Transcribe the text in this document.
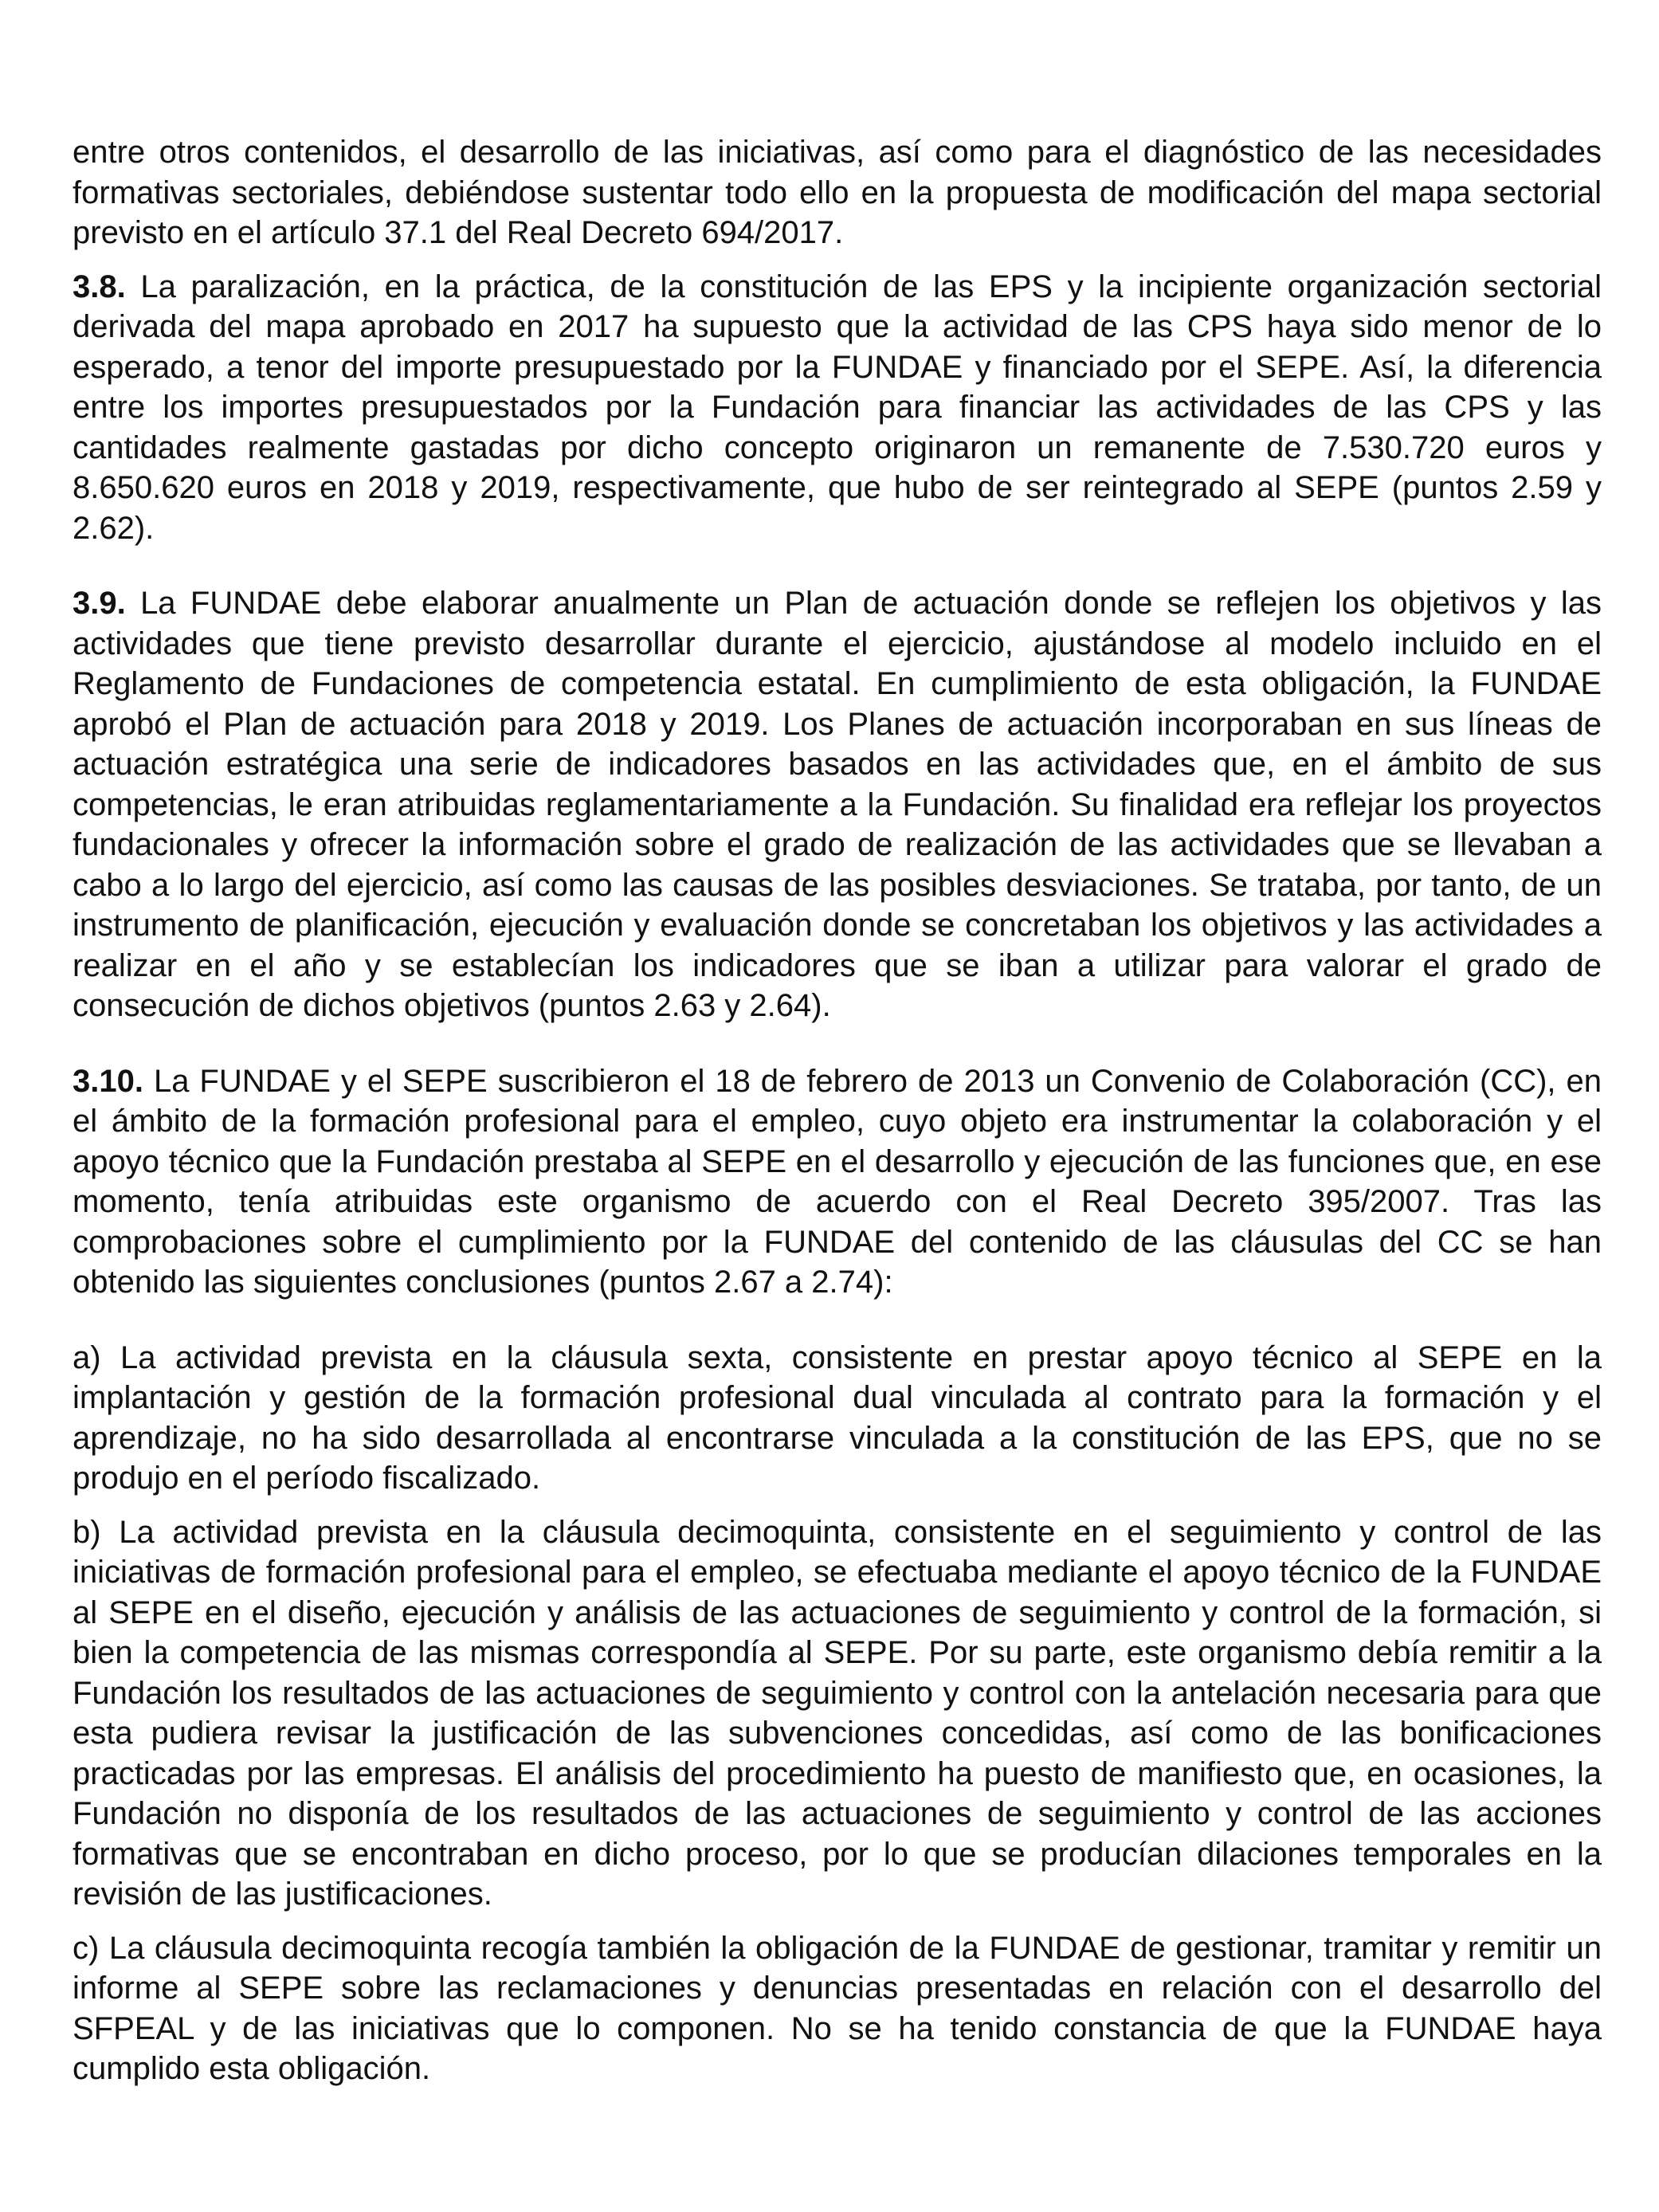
entre otros contenidos, el desarrollo de las iniciativas, así como para el diagnóstico de las necesidades formativas sectoriales, debiéndose sustentar todo ello en la propuesta de modificación del mapa sectorial previsto en el artículo 37.1 del Real Decreto 694/2017.

3.8. La paralización, en la práctica, de la constitución de las EPS y la incipiente organización sectorial derivada del mapa aprobado en 2017 ha supuesto que la actividad de las CPS haya sido menor de lo esperado, a tenor del importe presupuestado por la FUNDAE y financiado por el SEPE. Así, la diferencia entre los importes presupuestados por la Fundación para financiar las actividades de las CPS y las cantidades realmente gastadas por dicho concepto originaron un remanente de 7.530.720 euros y 8.650.620 euros en 2018 y 2019, respectivamente, que hubo de ser reintegrado al SEPE (puntos 2.59 y 2.62).

3.9. La FUNDAE debe elaborar anualmente un Plan de actuación donde se reflejen los objetivos y las actividades que tiene previsto desarrollar durante el ejercicio, ajustándose al modelo incluido en el Reglamento de Fundaciones de competencia estatal. En cumplimiento de esta obligación, la FUNDAE aprobó el Plan de actuación para 2018 y 2019. Los Planes de actuación incorporaban en sus líneas de actuación estratégica una serie de indicadores basados en las actividades que, en el ámbito de sus competencias, le eran atribuidas reglamentariamente a la Fundación. Su finalidad era reflejar los proyectos fundacionales y ofrecer la información sobre el grado de realización de las actividades que se llevaban a cabo a lo largo del ejercicio, así como las causas de las posibles desviaciones. Se trataba, por tanto, de un instrumento de planificación, ejecución y evaluación donde se concretaban los objetivos y las actividades a realizar en el año y se establecían los indicadores que se iban a utilizar para valorar el grado de consecución de dichos objetivos (puntos 2.63 y 2.64).

3.10. La FUNDAE y el SEPE suscribieron el 18 de febrero de 2013 un Convenio de Colaboración (CC), en el ámbito de la formación profesional para el empleo, cuyo objeto era instrumentar la colaboración y el apoyo técnico que la Fundación prestaba al SEPE en el desarrollo y ejecución de las funciones que, en ese momento, tenía atribuidas este organismo de acuerdo con el Real Decreto 395/2007. Tras las comprobaciones sobre el cumplimiento por la FUNDAE del contenido de las cláusulas del CC se han obtenido las siguientes conclusiones (puntos 2.67 a 2.74):

a) La actividad prevista en la cláusula sexta, consistente en prestar apoyo técnico al SEPE en la implantación y gestión de la formación profesional dual vinculada al contrato para la formación y el aprendizaje, no ha sido desarrollada al encontrarse vinculada a la constitución de las EPS, que no se produjo en el período fiscalizado.

b) La actividad prevista en la cláusula decimoquinta, consistente en el seguimiento y control de las iniciativas de formación profesional para el empleo, se efectuaba mediante el apoyo técnico de la FUNDAE al SEPE en el diseño, ejecución y análisis de las actuaciones de seguimiento y control de la formación, si bien la competencia de las mismas correspondía al SEPE. Por su parte, este organismo debía remitir a la Fundación los resultados de las actuaciones de seguimiento y control con la antelación necesaria para que esta pudiera revisar la justificación de las subvenciones concedidas, así como de las bonificaciones practicadas por las empresas. El análisis del procedimiento ha puesto de manifiesto que, en ocasiones, la Fundación no disponía de los resultados de las actuaciones de seguimiento y control de las acciones formativas que se encontraban en dicho proceso, por lo que se producían dilaciones temporales en la revisión de las justificaciones.

c) La cláusula decimoquinta recogía también la obligación de la FUNDAE de gestionar, tramitar y remitir un informe al SEPE sobre las reclamaciones y denuncias presentadas en relación con el desarrollo del SFPEAL y de las iniciativas que lo componen. No se ha tenido constancia de que la FUNDAE haya cumplido esta obligación.
